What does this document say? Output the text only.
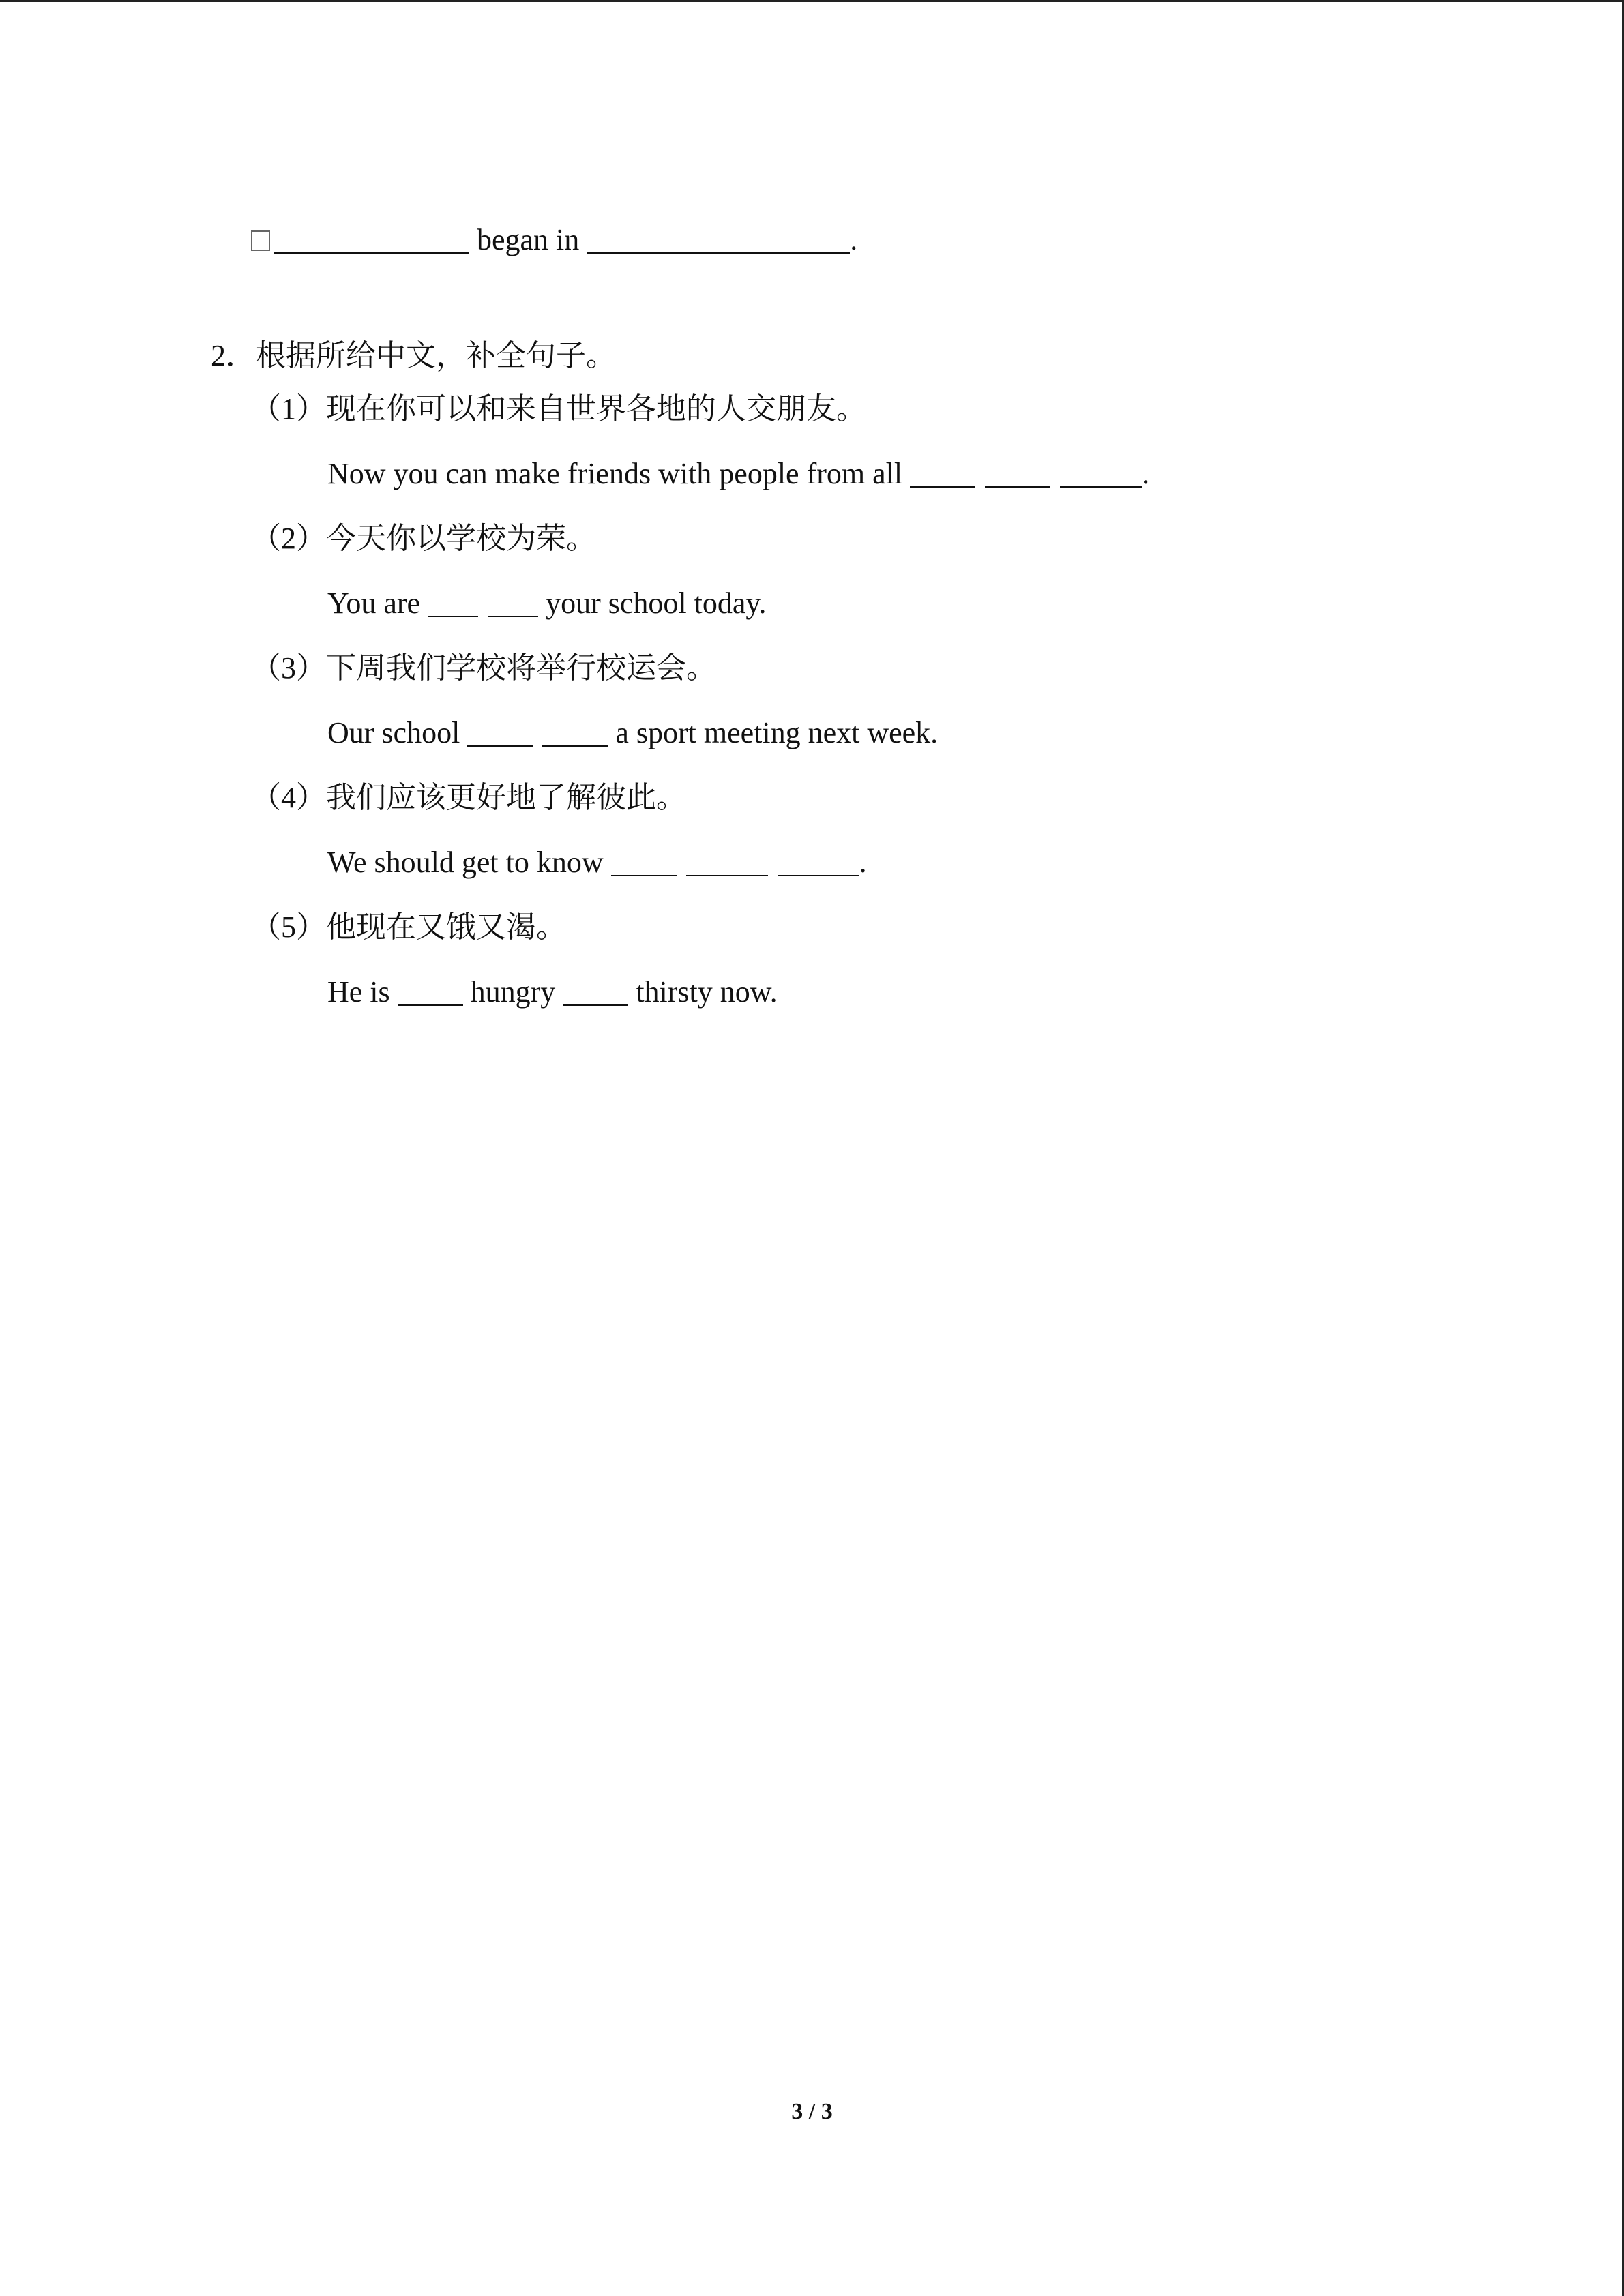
began in	.
2．根据所给中文，补全句子。
（1）现在你可以和来自世界各地的人交朋友。
Now you can make friends with people from all	.
（2）今天你以学校为荣。
You are	your school today.
（3）下周我们学校将举行校运会。
Our school	a sport meeting next week.
（4）我们应该更好地了解彼此。
We should get to know	.
（5）他现在又饿又渴。
He is	hungry	thirsty now.
3 / 3
